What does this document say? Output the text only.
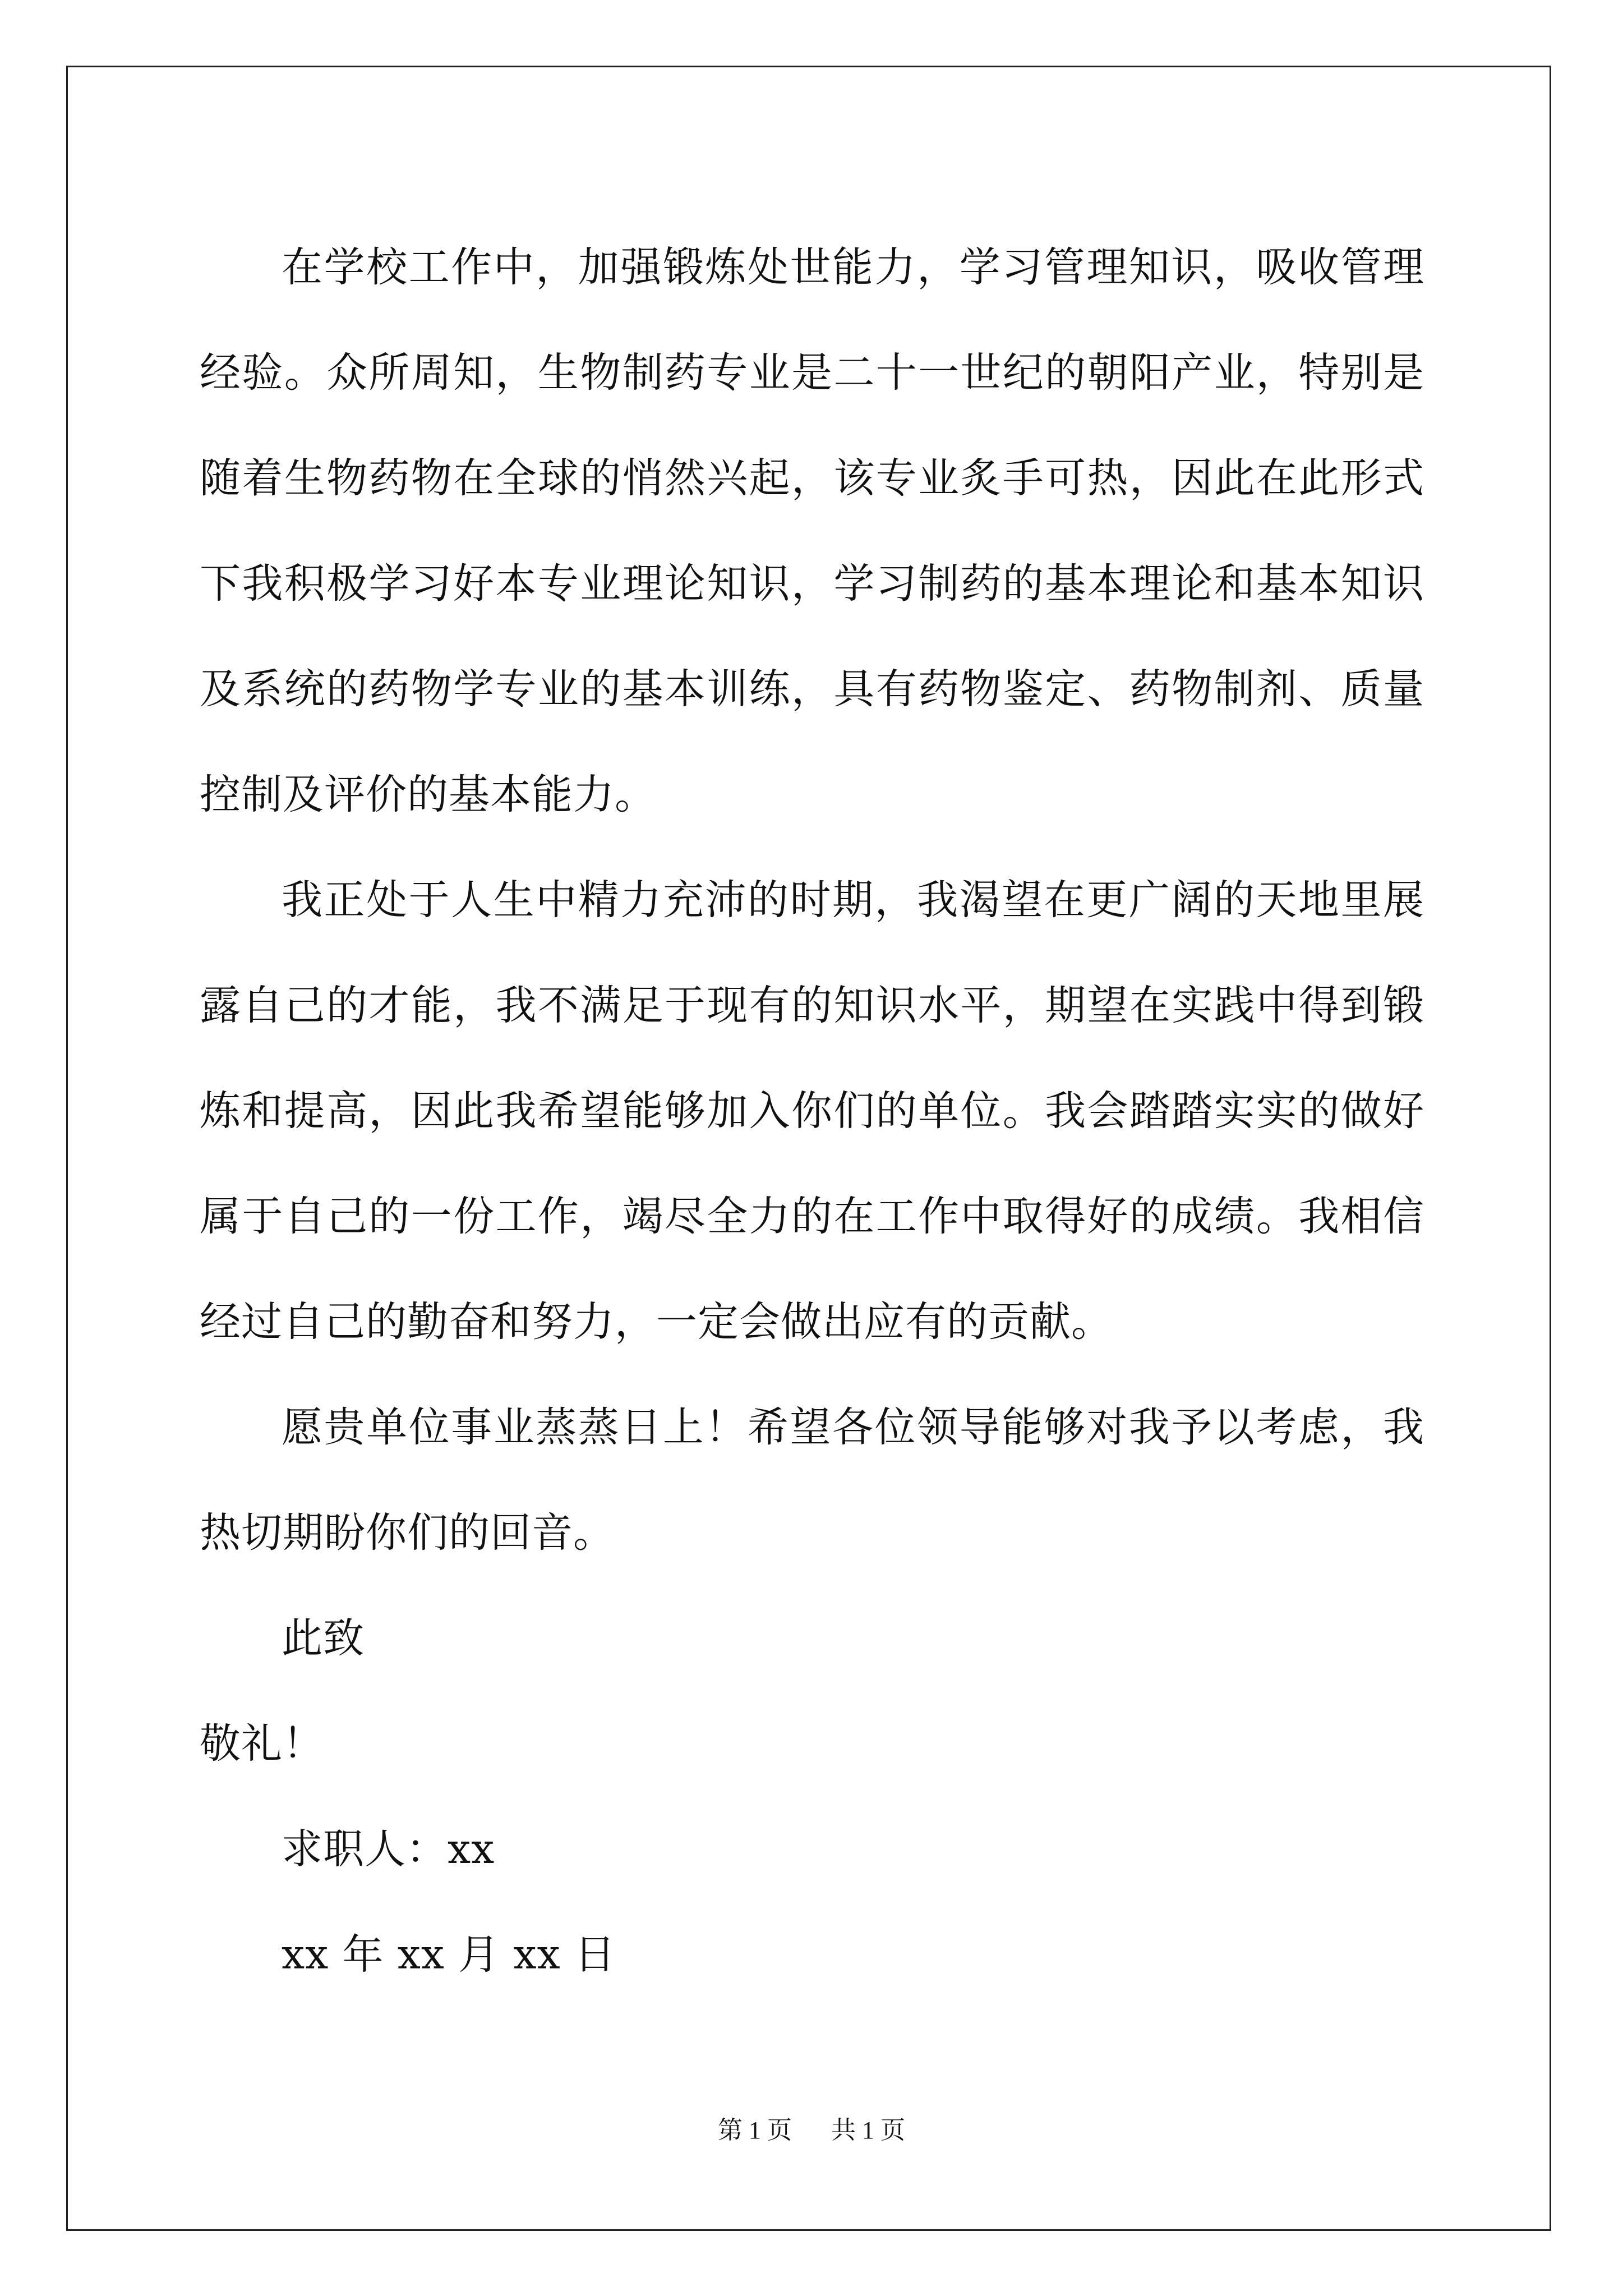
在学校工作中，加强锻炼处世能力，学习管理知识，吸收管理经验。众所周知，生物制药专业是二十一世纪的朝阳产业，特别是随着生物药物在全球的悄然兴起，该专业炙手可热，因此在此形式下我积极学习好本专业理论知识，学习制药的基本理论和基本知识及系统的药物学专业的基本训练，具有药物鉴定、药物制剂、质量控制及评价的基本能力。

我正处于人生中精力充沛的时期，我渴望在更广阔的天地里展露自己的才能，我不满足于现有的知识水平，期望在实践中得到锻炼和提高，因此我希望能够加入你们的单位。我会踏踏实实的做好属于自己的一份工作，竭尽全力的在工作中取得好的成绩。我相信经过自己的勤奋和努力，一定会做出应有的贡献。

愿贵单位事业蒸蒸日上！希望各位领导能够对我予以考虑，我热切期盼你们的回音。

此致

敬礼！

求职人：xx

xx 年 xx 月 xx 日

第 1 页 共 1 页
